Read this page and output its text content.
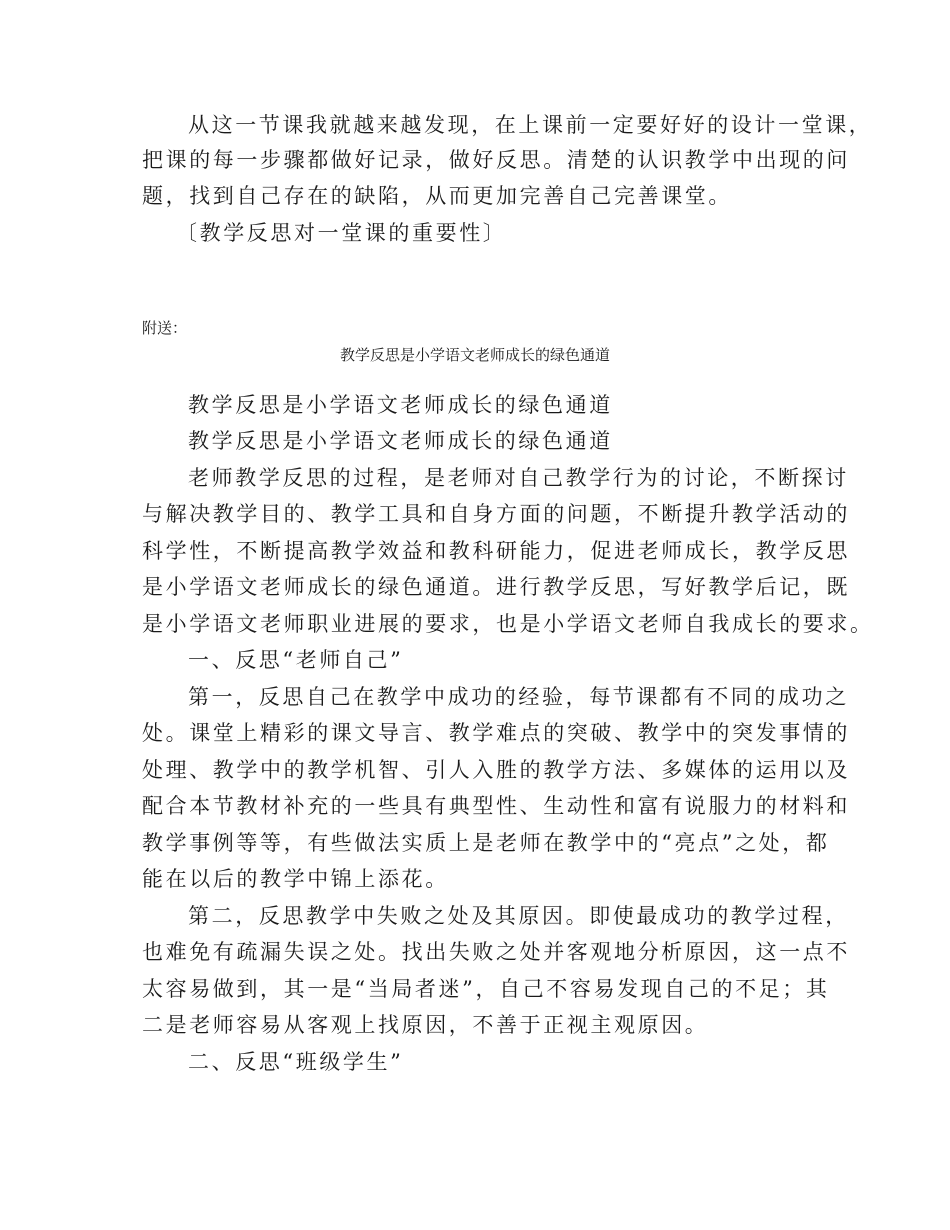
从这一节课我就越来越发现，在上课前一定要好好的设计一堂课，
把课的每一步骤都做好记录，做好反思。清楚的认识教学中出现的问
题，找到自己存在的缺陷，从而更加完善自己完善课堂。
〔教学反思对一堂课的重要性〕
附送：
教学反思是小学语文老师成长的绿色通道
教学反思是小学语文老师成长的绿色通道
教学反思是小学语文老师成长的绿色通道
老师教学反思的过程，是老师对自己教学行为的讨论，不断探讨
与解决教学目的、教学工具和自身方面的问题，不断提升教学活动的
科学性，不断提高教学效益和教科研能力，促进老师成长，教学反思
是小学语文老师成长的绿色通道。进行教学反思，写好教学后记，既
是小学语文老师职业进展的要求，也是小学语文老师自我成长的要求。
一、反思“老师自己”
第一，反思自己在教学中成功的经验，每节课都有不同的成功之
处。课堂上精彩的课文导言、教学难点的突破、教学中的突发事情的
处理、教学中的教学机智、引人入胜的教学方法、多媒体的运用以及
配合本节教材补充的一些具有典型性、生动性和富有说服力的材料和
教学事例等等，有些做法实质上是老师在教学中的“亮点”之处，都
能在以后的教学中锦上添花。
第二，反思教学中失败之处及其原因。即使最成功的教学过程，
也难免有疏漏失误之处。找出失败之处并客观地分析原因，这一点不
太容易做到，其一是“当局者迷”，自己不容易发现自己的不足；其
二是老师容易从客观上找原因，不善于正视主观原因。
二、反思“班级学生”
